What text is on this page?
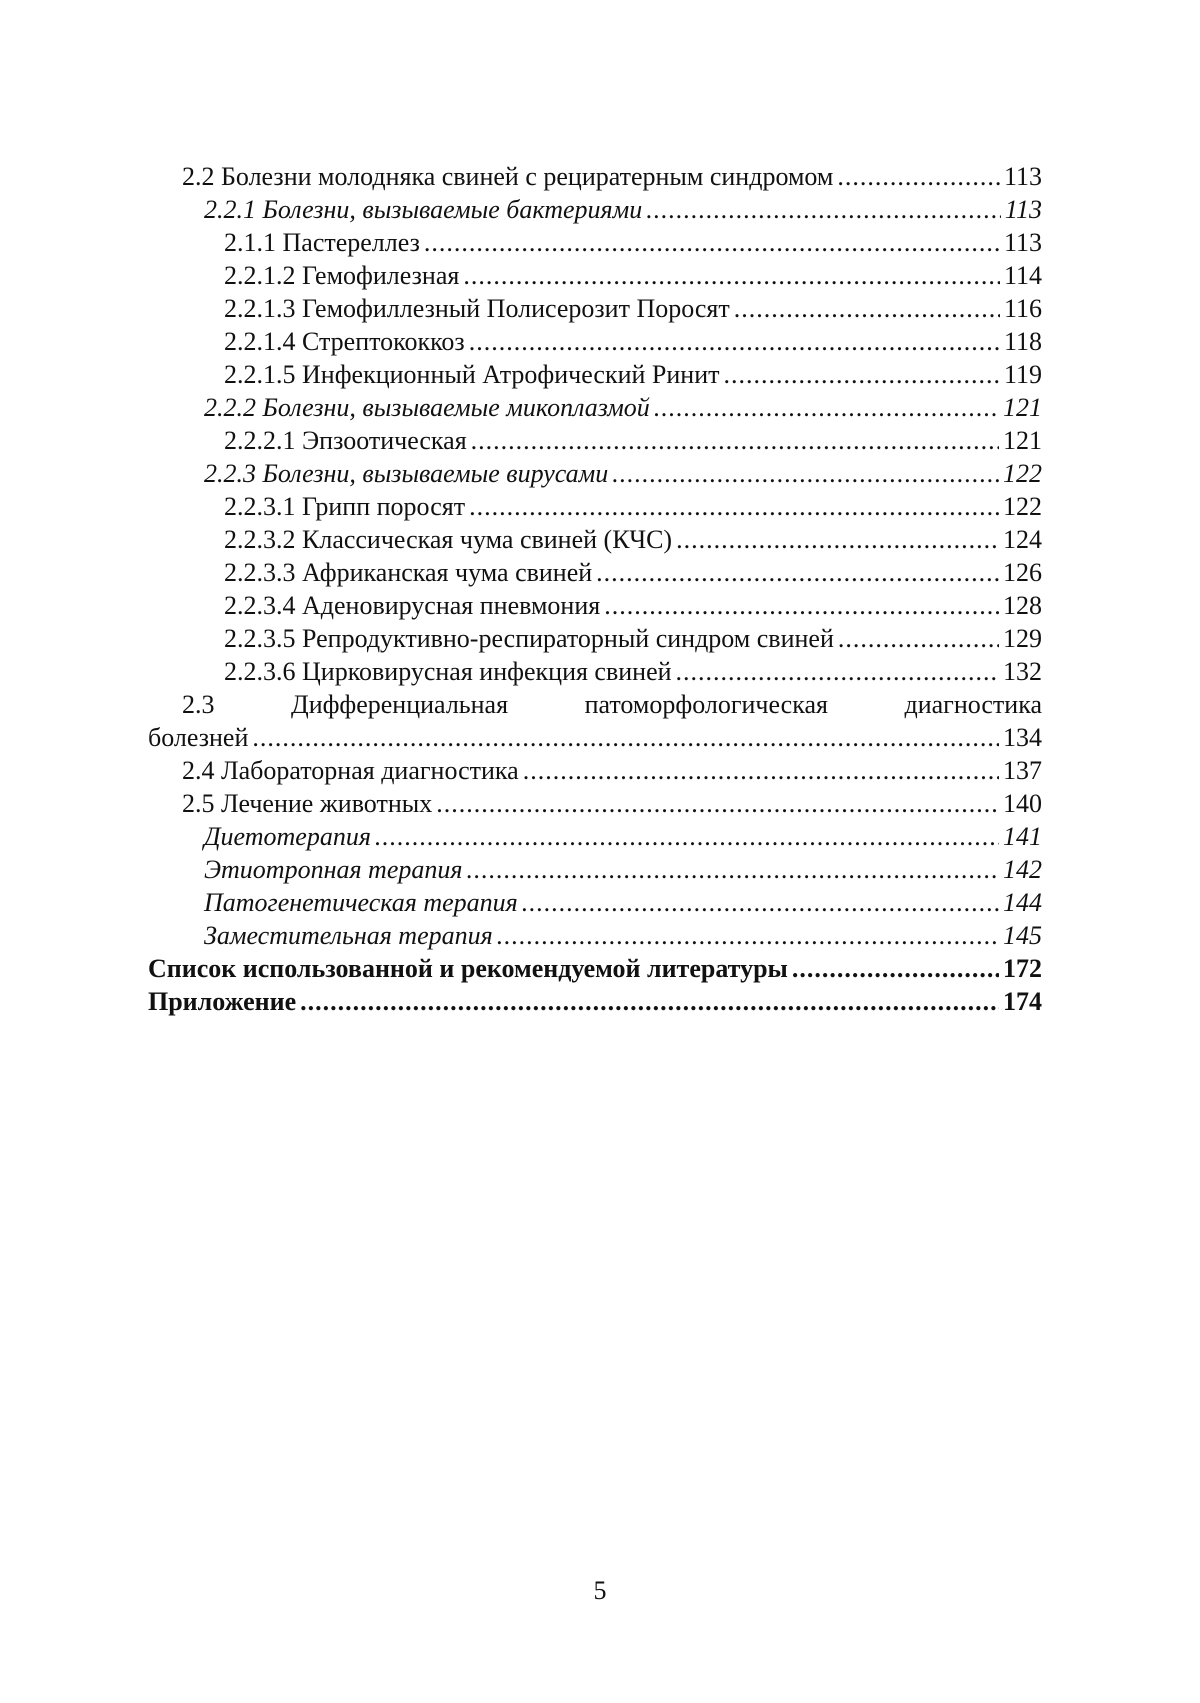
2.2 Болезни молодняка свиней с рециратерным синдромом .....	113
2.2.1 Болезни, вызываемые бактериями .....	113
2.1.1 Пастереллез .....	113
2.2.1.2 Гемофилезная .....	114
2.2.1.3 Гемофиллезный Полисерозит Поросят .....	116
2.2.1.4 Стрептококкоз .....	118
2.2.1.5 Инфекционный Атрофический Ринит .....	119
2.2.2 Болезни, вызываемые микоплазмой .....	121
2.2.2.1 Эпзоотическая .....	121
2.2.3 Болезни, вызываемые вирусами .....	122
2.2.3.1 Грипп поросят .....	122
2.2.3.2 Классическая чума свиней (КЧС) .....	124
2.2.3.3 Африканская чума свиней .....	126
2.2.3.4 Аденовирусная пневмония .....	128
2.2.3.5 Репродуктивно-респираторный синдром свиней .....	129
2.2.3.6 Цирковирусная инфекция свиней .....	132
2.3	Дифференциальная	патоморфологическая	диагностика
болезней .....	134
2.4 Лабораторная диагностика .....	137
2.5 Лечение животных .....	140
Диетотерапия .....	141
Этиотропная терапия .....	142
Патогенетическая терапия .....	144
Заместительная терапия .....	145
Список использованной и рекомендуемой литературы .....	172
Приложение .....	174
5
